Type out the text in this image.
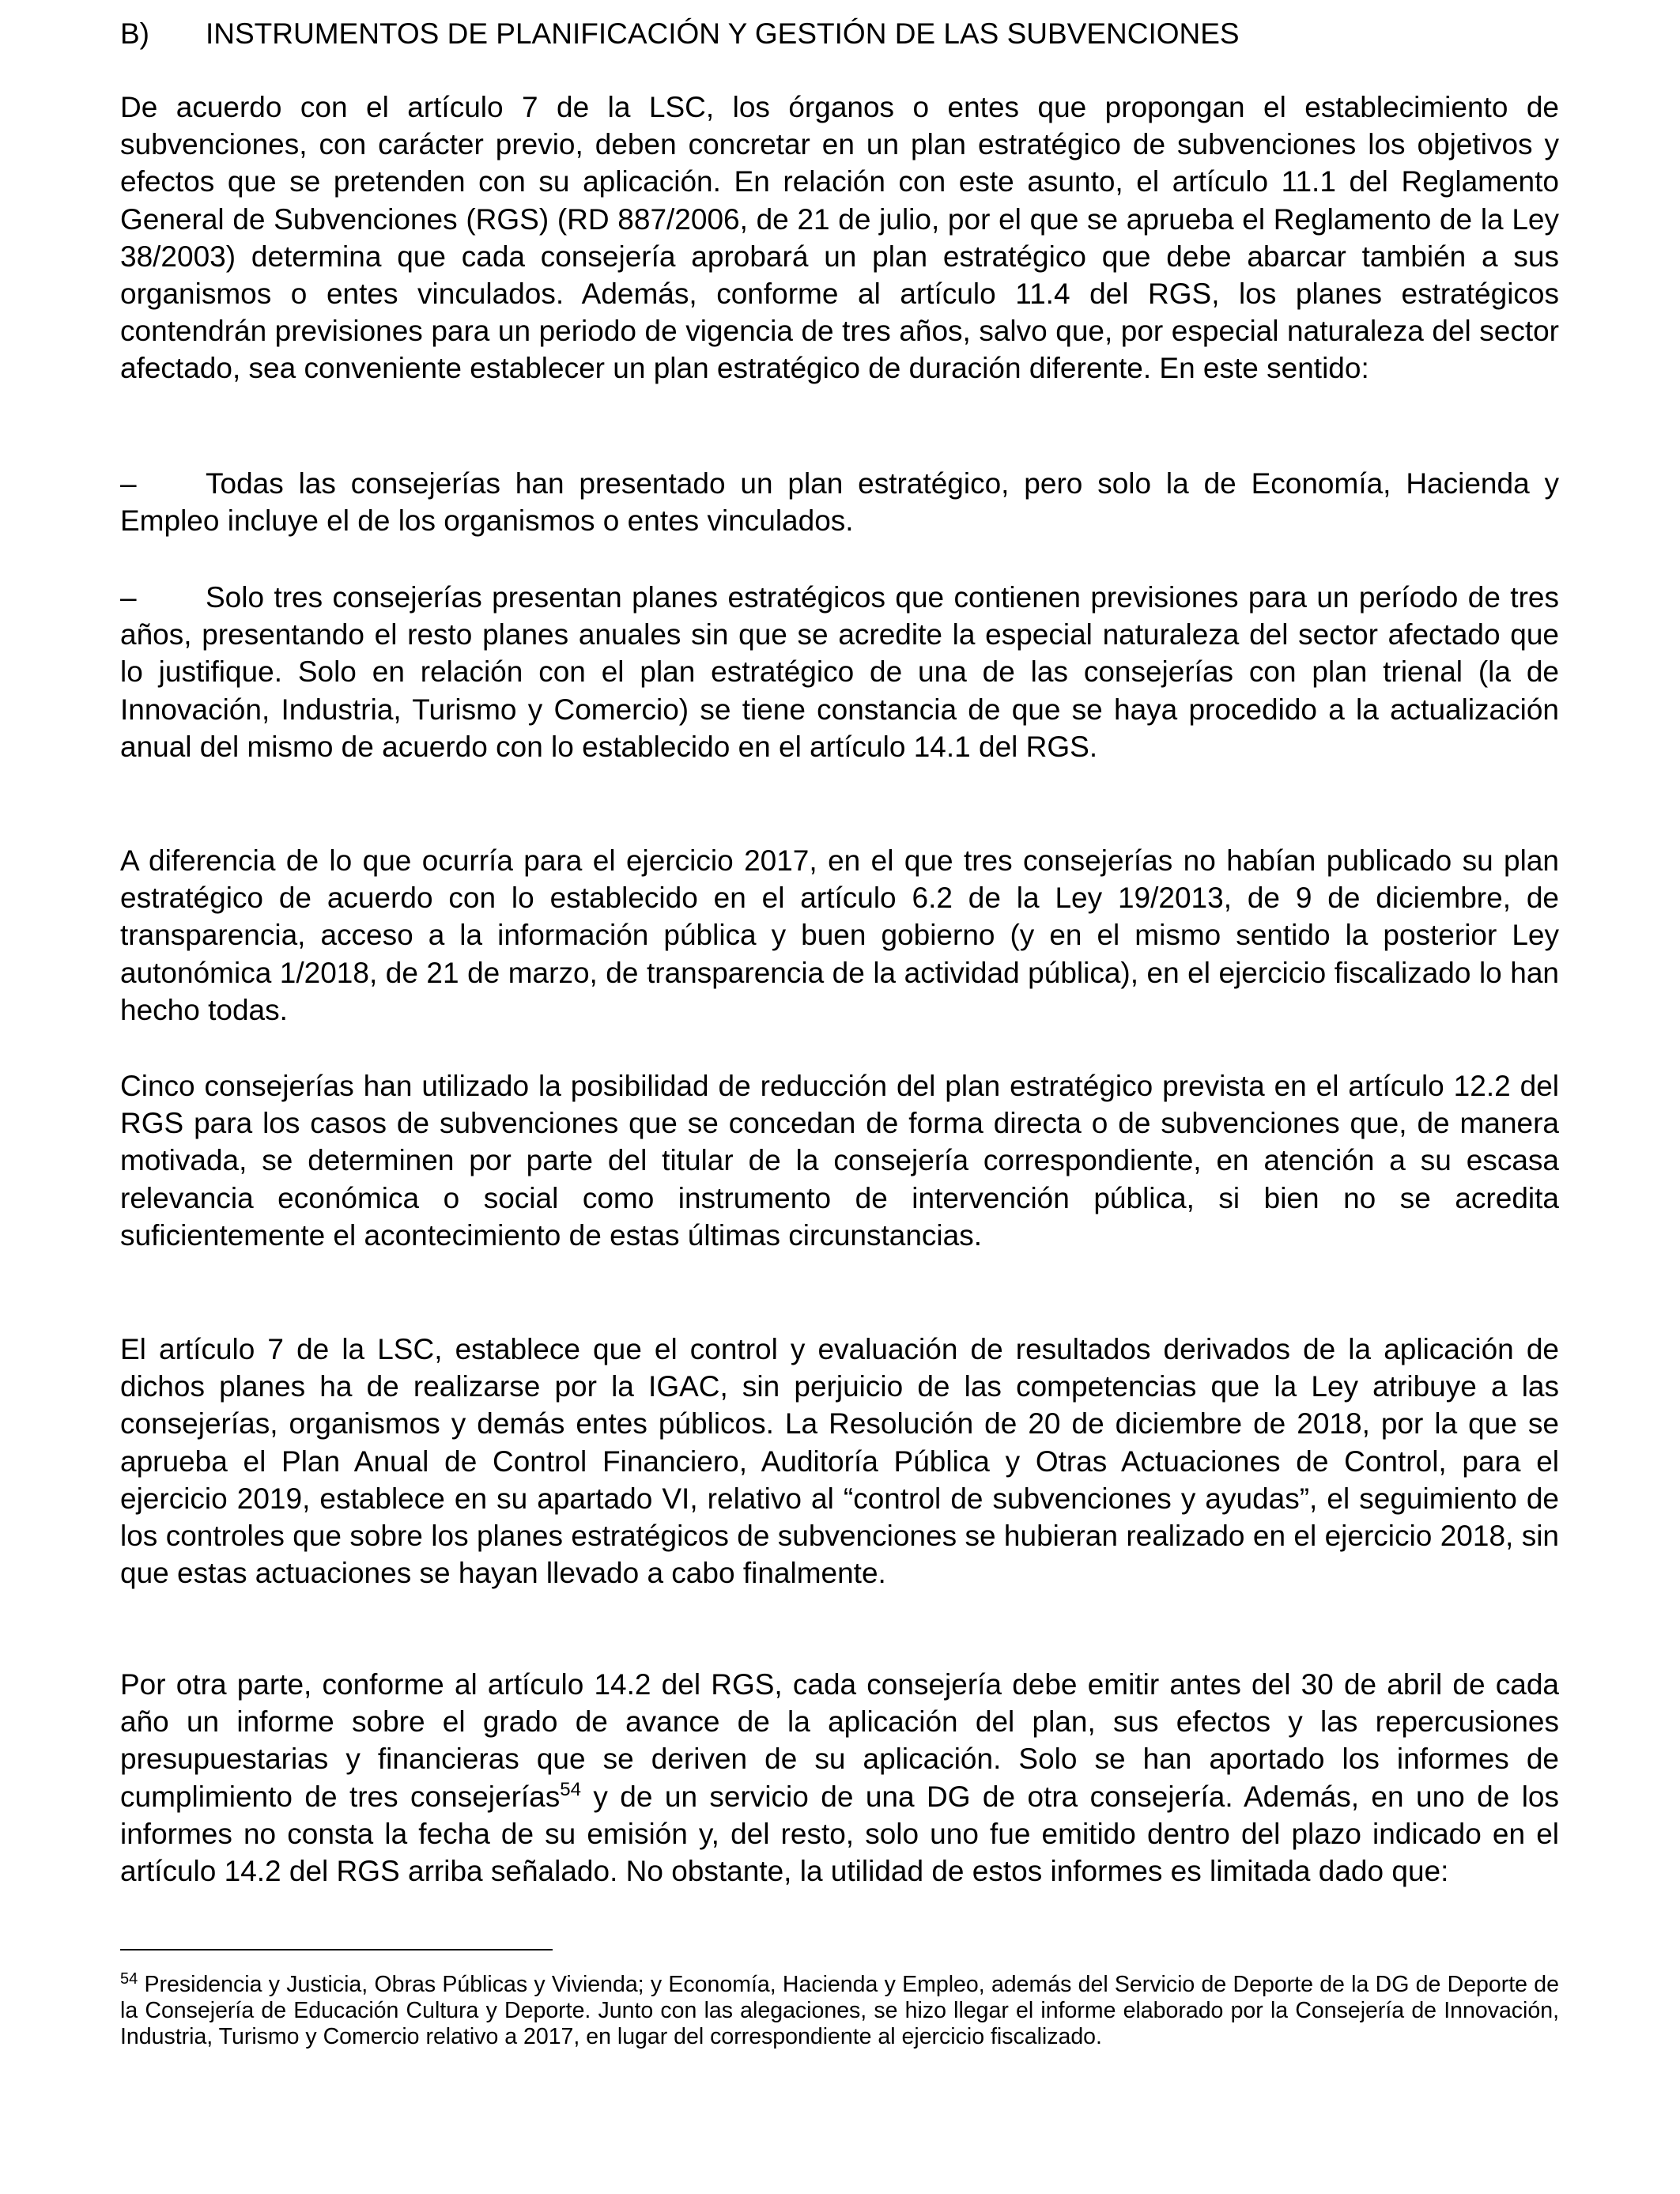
B) INSTRUMENTOS DE PLANIFICACIÓN Y GESTIÓN DE LAS SUBVENCIONES

De acuerdo con el artículo 7 de la LSC, los órganos o entes que propongan el establecimiento de subvenciones, con carácter previo, deben concretar en un plan estratégico de subvenciones los objetivos y efectos que se pretenden con su aplicación. En relación con este asunto, el artículo 11.1 del Reglamento General de Subvenciones (RGS) (RD 887/2006, de 21 de julio, por el que se aprueba el Reglamento de la Ley 38/2003) determina que cada consejería aprobará un plan estratégico que debe abarcar también a sus organismos o entes vinculados. Además, conforme al artículo 11.4 del RGS, los planes estratégicos contendrán previsiones para un periodo de vigencia de tres años, salvo que, por especial naturaleza del sector afectado, sea conveniente establecer un plan estratégico de duración diferente. En este sentido:

– Todas las consejerías han presentado un plan estratégico, pero solo la de Economía, Hacienda y Empleo incluye el de los organismos o entes vinculados.

– Solo tres consejerías presentan planes estratégicos que contienen previsiones para un período de tres años, presentando el resto planes anuales sin que se acredite la especial naturaleza del sector afectado que lo justifique. Solo en relación con el plan estratégico de una de las consejerías con plan trienal (la de Innovación, Industria, Turismo y Comercio) se tiene constancia de que se haya procedido a la actualización anual del mismo de acuerdo con lo establecido en el artículo 14.1 del RGS.

A diferencia de lo que ocurría para el ejercicio 2017, en el que tres consejerías no habían publicado su plan estratégico de acuerdo con lo establecido en el artículo 6.2 de la Ley 19/2013, de 9 de diciembre, de transparencia, acceso a la información pública y buen gobierno (y en el mismo sentido la posterior Ley autonómica 1/2018, de 21 de marzo, de transparencia de la actividad pública), en el ejercicio fiscalizado lo han hecho todas.

Cinco consejerías han utilizado la posibilidad de reducción del plan estratégico prevista en el artículo 12.2 del RGS para los casos de subvenciones que se concedan de forma directa o de subvenciones que, de manera motivada, se determinen por parte del titular de la consejería correspondiente, en atención a su escasa relevancia económica o social como instrumento de intervención pública, si bien no se acredita suficientemente el acontecimiento de estas últimas circunstancias.

El artículo 7 de la LSC, establece que el control y evaluación de resultados derivados de la aplicación de dichos planes ha de realizarse por la IGAC, sin perjuicio de las competencias que la Ley atribuye a las consejerías, organismos y demás entes públicos. La Resolución de 20 de diciembre de 2018, por la que se aprueba el Plan Anual de Control Financiero, Auditoría Pública y Otras Actuaciones de Control, para el ejercicio 2019, establece en su apartado VI, relativo al “control de subvenciones y ayudas”, el seguimiento de los controles que sobre los planes estratégicos de subvenciones se hubieran realizado en el ejercicio 2018, sin que estas actuaciones se hayan llevado a cabo finalmente.

Por otra parte, conforme al artículo 14.2 del RGS, cada consejería debe emitir antes del 30 de abril de cada año un informe sobre el grado de avance de la aplicación del plan, sus efectos y las repercusiones presupuestarias y financieras que se deriven de su aplicación. Solo se han aportado los informes de cumplimiento de tres consejerías$^{54}$ y de un servicio de una DG de otra consejería. Además, en uno de los informes no consta la fecha de su emisión y, del resto, solo uno fue emitido dentro del plazo indicado en el artículo 14.2 del RGS arriba señalado. No obstante, la utilidad de estos informes es limitada dado que:

$^{54}$ Presidencia y Justicia, Obras Públicas y Vivienda; y Economía, Hacienda y Empleo, además del Servicio de Deporte de la DG de Deporte de la Consejería de Educación Cultura y Deporte. Junto con las alegaciones, se hizo llegar el informe elaborado por la Consejería de Innovación, Industria, Turismo y Comercio relativo a 2017, en lugar del correspondiente al ejercicio fiscalizado.
